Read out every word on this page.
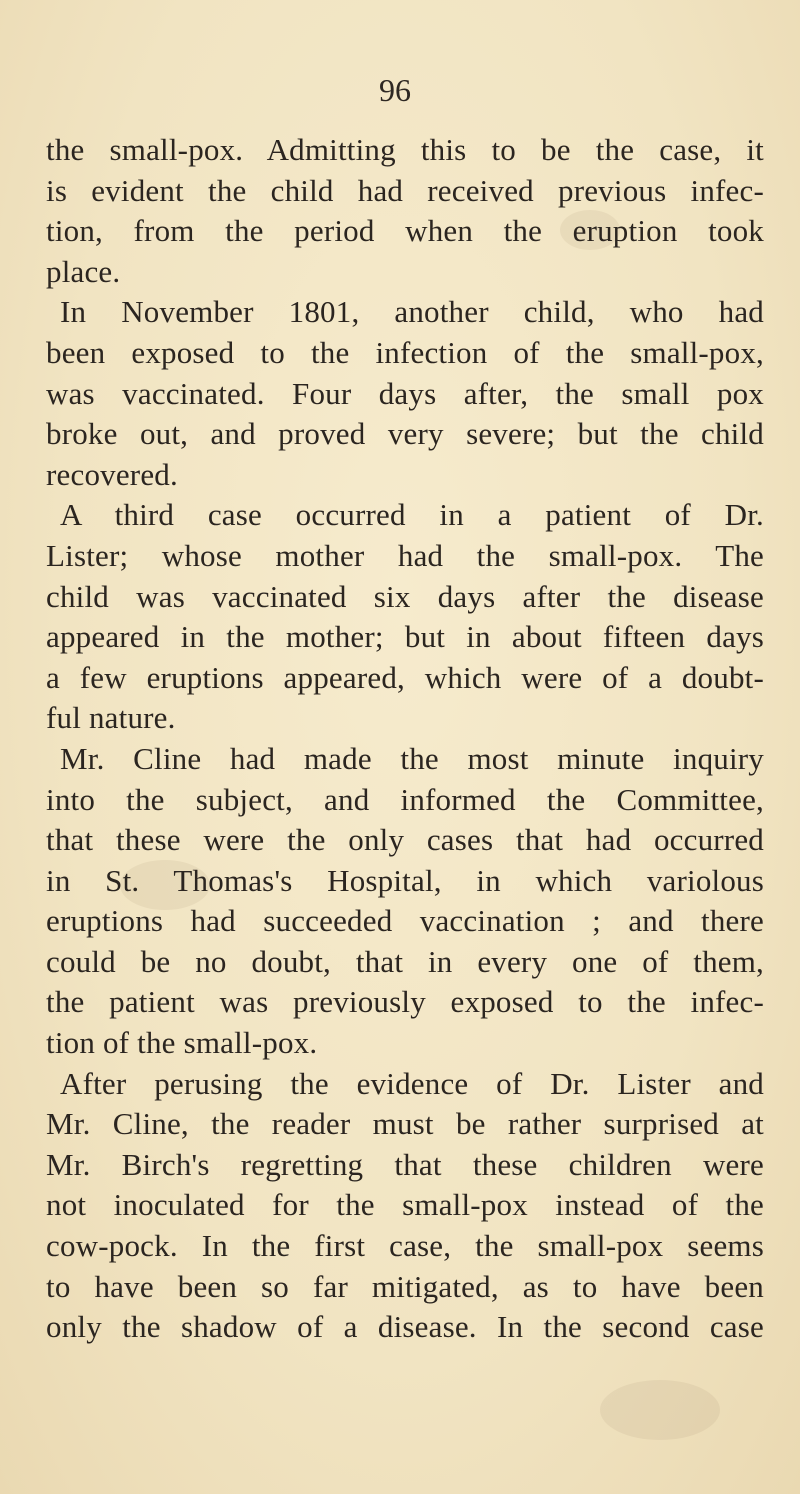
96
the small-pox. Admitting this to be the case, it
is evident the child had received previous infec-
tion, from the period when the eruption took
place.
In November 1801, another child, who had
been exposed to the infection of the small-pox,
was vaccinated. Four days after, the small pox
broke out, and proved very severe; but the child
recovered.
A third case occurred in a patient of Dr.
Lister; whose mother had the small-pox. The
child was vaccinated six days after the disease
appeared in the mother; but in about fifteen days
a few eruptions appeared, which were of a doubt-
ful nature.
Mr. Cline had made the most minute inquiry
into the subject, and informed the Committee,
that these were the only cases that had occurred
in St. Thomas's Hospital, in which variolous
eruptions had succeeded vaccination ; and there
could be no doubt, that in every one of them,
the patient was previously exposed to the infec-
tion of the small-pox.
After perusing the evidence of Dr. Lister and
Mr. Cline, the reader must be rather surprised at
Mr. Birch's regretting that these children were
not inoculated for the small-pox instead of the
cow-pock. In the first case, the small-pox seems
to have been so far mitigated, as to have been
only the shadow of a disease. In the second case
